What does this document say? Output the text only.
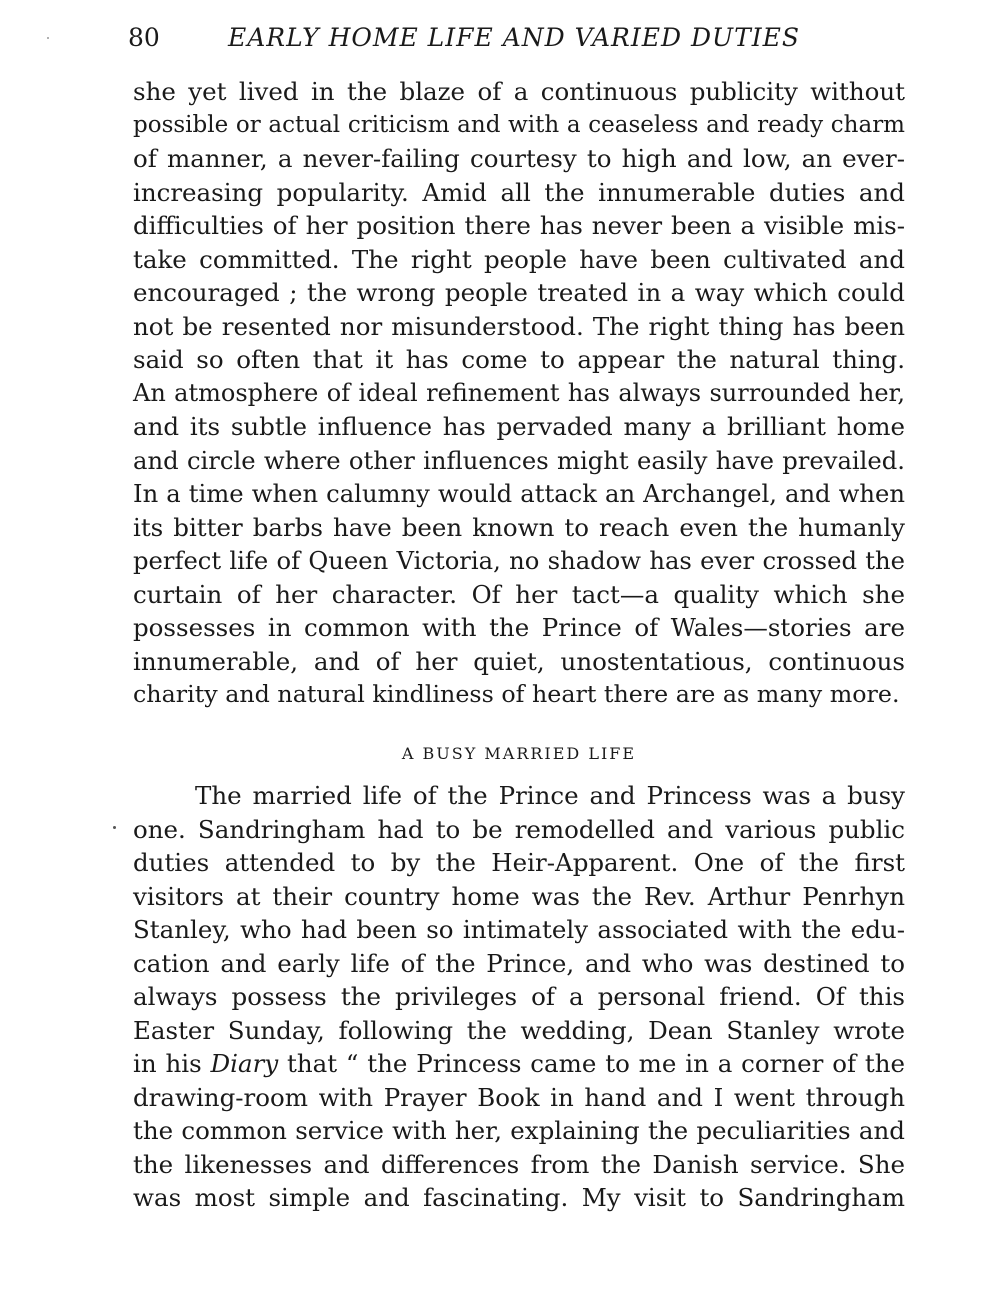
80	EARLY HOME LIFE AND VARIED DUTIES
she yet lived in the blaze of a continuous publicity without
possible or actual criticism and with a ceaseless and ready charm
of manner, a never-failing courtesy to high and low, an ever-
increasing popularity. Amid all the innumerable duties and
difficulties of her position there has never been a visible mis-
take committed. The right people have been cultivated and
encouraged ; the wrong people treated in a way which could
not be resented nor misunderstood. The right thing has been
said so often that it has come to appear the natural thing.
An atmosphere of ideal refinement has always surrounded her,
and its subtle influence has pervaded many a brilliant home
and circle where other influences might easily have prevailed.
In a time when calumny would attack an Archangel, and when
its bitter barbs have been known to reach even the humanly
perfect life of Queen Victoria, no shadow has ever crossed the
curtain of her character. Of her tact—a quality which she
possesses in common with the Prince of Wales—stories are
innumerable, and of her quiet, unostentatious, continuous
charity and natural kindliness of heart there are as many more.
A BUSY MARRIED LIFE
The married life of the Prince and Princess was a busy
one. Sandringham had to be remodelled and various public
duties attended to by the Heir-Apparent. One of the first
visitors at their country home was the Rev. Arthur Penrhyn
Stanley, who had been so intimately associated with the edu-
cation and early life of the Prince, and who was destined to
always possess the privileges of a personal friend. Of this
Easter Sunday, following the wedding, Dean Stanley wrote
in his Diary that “ the Princess came to me in a corner of the
drawing-room with Prayer Book in hand and I went through
the common service with her, explaining the peculiarities and
the likenesses and differences from the Danish service. She
was most simple and fascinating. My visit to Sandringham
